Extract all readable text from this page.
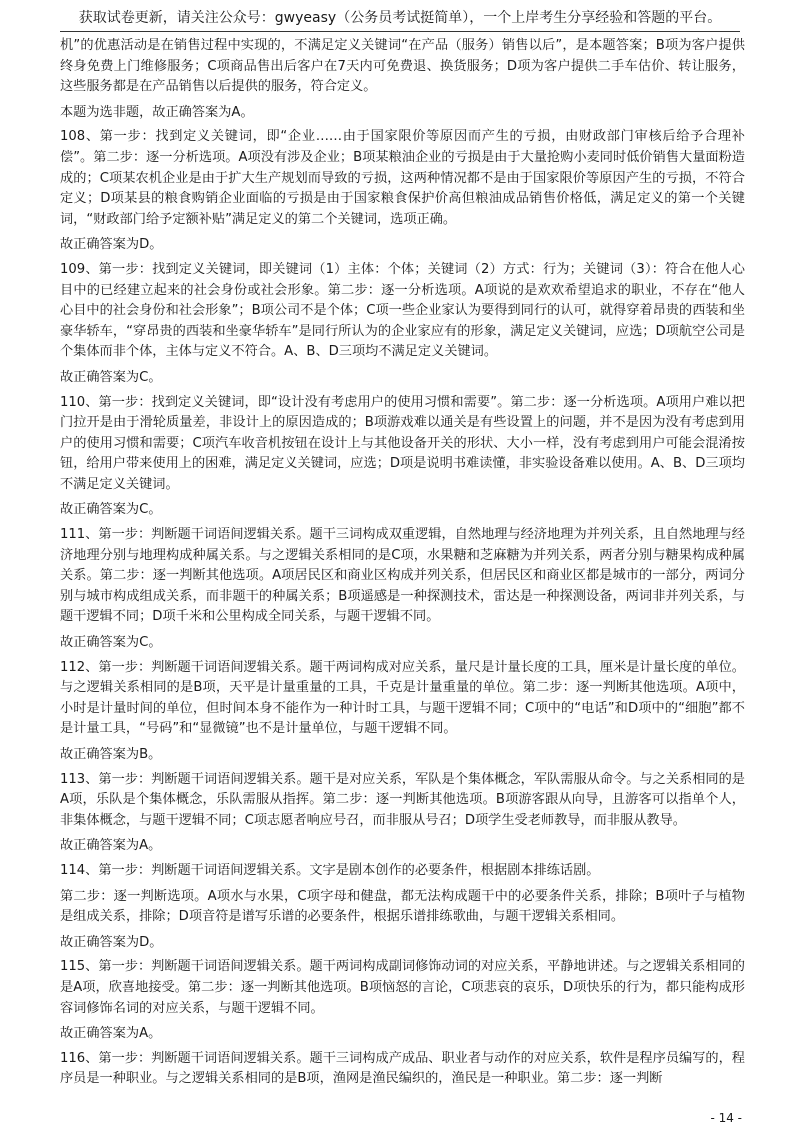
获取试卷更新，请关注公众号：gwyeasy（公务员考试挺简单），一个上岸考生分享经验和答题的平台。

机”的优惠活动是在销售过程中实现的，不满足定义关键词“在产品（服务）销售以后”，是本题答案；B项为客户提供终身免费上门维修服务；C项商品售出后客户在7天内可免费退、换货服务；D项为客户提供二手车估价、转让服务，这些服务都是在产品销售以后提供的服务，符合定义。

本题为选非题，故正确答案为A。

108、第一步：找到定义关键词，即“企业……由于国家限价等原因而产生的亏损，由财政部门审核后给予合理补偿”。第二步：逐一分析选项。A项没有涉及企业；B项某粮油企业的亏损是由于大量抢购小麦同时低价销售大量面粉造成的；C项某农机企业是由于扩大生产规划而导致的亏损，这两种情况都不是由于国家限价等原因产生的亏损，不符合定义；D项某县的粮食购销企业面临的亏损是由于国家粮食保护价高但粮油成品销售价格低，满足定义的第一个关键词，“财政部门给予定额补贴”满足定义的第二个关键词，选项正确。

故正确答案为D。

109、第一步：找到定义关键词，即关键词（1）主体：个体；关键词（2）方式：行为；关键词（3）：符合在他人心目中的已经建立起来的社会身份或社会形象。第二步：逐一分析选项。A项说的是欢欢希望追求的职业，不存在“他人心目中的社会身份和社会形象”；B项公司不是个体；C项一些企业家认为要得到同行的认可，就得穿着昂贵的西装和坐豪华轿车，“穿昂贵的西装和坐豪华轿车”是同行所认为的企业家应有的形象，满足定义关键词，应选；D项航空公司是个集体而非个体，主体与定义不符合。A、B、D三项均不满足定义关键词。

故正确答案为C。

110、第一步：找到定义关键词，即“设计没有考虑用户的使用习惯和需要”。第二步：逐一分析选项。A项用户难以把门拉开是由于滑轮质量差，非设计上的原因造成的；B项游戏难以通关是有些设置上的问题，并不是因为没有考虑到用户的使用习惯和需要；C项汽车收音机按钮在设计上与其他设备开关的形状、大小一样，没有考虑到用户可能会混淆按钮，给用户带来使用上的困难，满足定义关键词，应选；D项是说明书难读懂，非实验设备难以使用。A、B、D三项均不满足定义关键词。

故正确答案为C。

111、第一步：判断题干词语间逻辑关系。题干三词构成双重逻辑，自然地理与经济地理为并列关系，且自然地理与经济地理分别与地理构成种属关系。与之逻辑关系相同的是C项，水果糖和芝麻糖为并列关系，两者分别与糖果构成种属关系。第二步：逐一判断其他选项。A项居民区和商业区构成并列关系，但居民区和商业区都是城市的一部分，两词分别与城市构成组成关系，而非题干的种属关系；B项遥感是一种探测技术，雷达是一种探测设备，两词非并列关系，与题干逻辑不同；D项千米和公里构成全同关系，与题干逻辑不同。

故正确答案为C。

112、第一步：判断题干词语间逻辑关系。题干两词构成对应关系，量尺是计量长度的工具，厘米是计量长度的单位。与之逻辑关系相同的是B项，天平是计量重量的工具，千克是计量重量的单位。第二步：逐一判断其他选项。A项中，小时是计量时间的单位，但时间本身不能作为一种计时工具，与题干逻辑不同；C项中的“电话”和D项中的“细胞”都不是计量工具，“号码”和“显微镜”也不是计量单位，与题干逻辑不同。

故正确答案为B。

113、第一步：判断题干词语间逻辑关系。题干是对应关系，军队是个集体概念，军队需服从命令。与之关系相同的是A项，乐队是个集体概念，乐队需服从指挥。第二步：逐一判断其他选项。B项游客跟从向导，且游客可以指单个人，非集体概念，与题干逻辑不同；C项志愿者响应号召，而非服从号召；D项学生受老师教导，而非服从教导。

故正确答案为A。

114、第一步：判断题干词语间逻辑关系。文字是剧本创作的必要条件，根据剧本排练话剧。

第二步：逐一判断选项。A项水与水果，C项字母和健盘，都无法构成题干中的必要条件关系，排除；B项叶子与植物是组成关系，排除；D项音符是谱写乐谱的必要条件，根据乐谱排练歌曲，与题干逻辑关系相同。

故正确答案为D。

115、第一步：判断题干词语间逻辑关系。题干两词构成副词修饰动词的对应关系，平静地讲述。与之逻辑关系相同的是A项，欣喜地接受。第二步：逐一判断其他选项。B项恼怒的言论，C项悲哀的哀乐，D项快乐的行为，都只能构成形容词修饰名词的对应关系，与题干逻辑不同。

故正确答案为A。

116、第一步：判断题干词语间逻辑关系。题干三词构成产成品、职业者与动作的对应关系，软件是程序员编写的，程序员是一种职业。与之逻辑关系相同的是B项，渔网是渔民编织的，渔民是一种职业。第二步：逐一判断

- 14 -
